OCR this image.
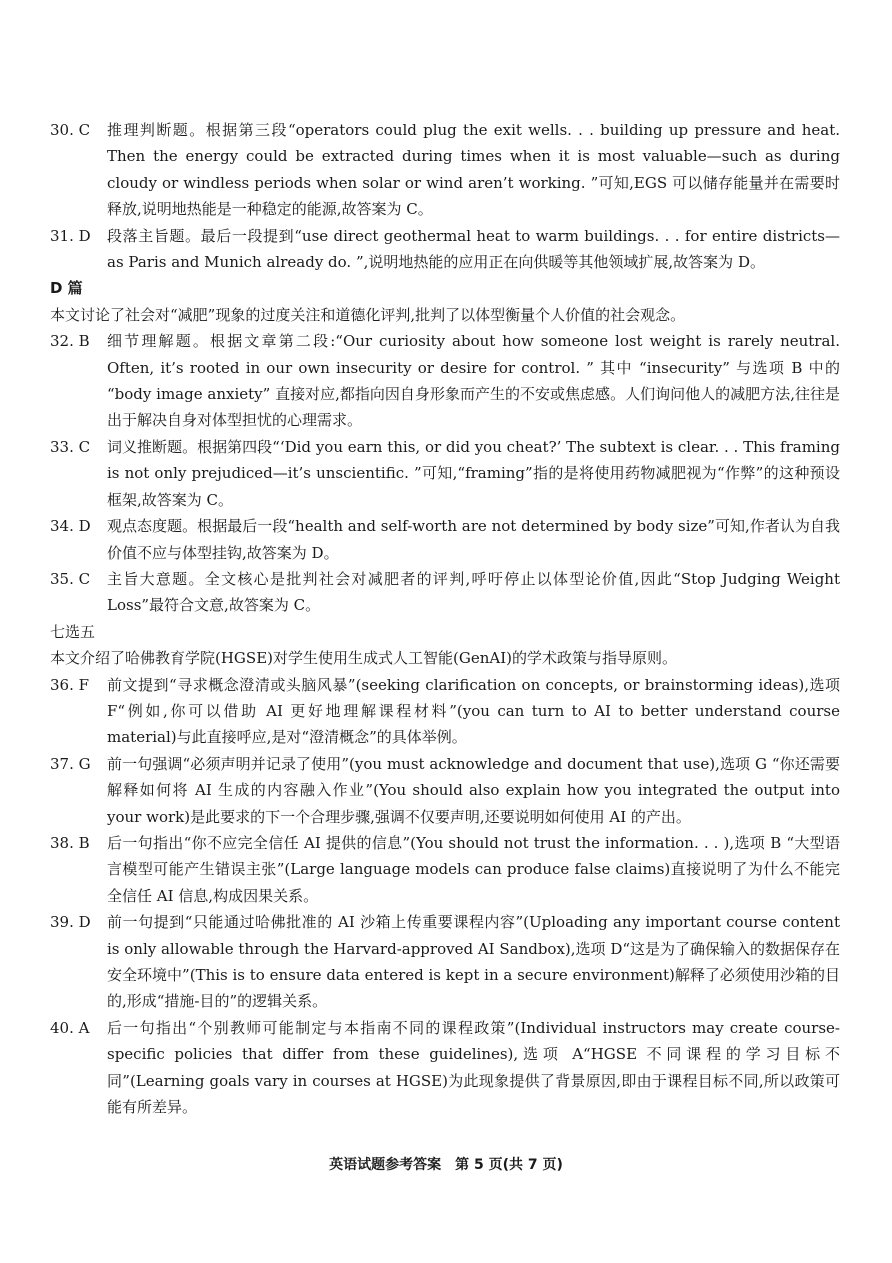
30. C	推理判断题。根据第三段“operators could plug the exit wells. . . building up pressure and heat. Then the energy could be extracted during times when it is most valuable—such as during cloudy or windless periods when solar or wind aren’t working. ”可知,EGS 可以储存能量并在需要时释放,说明地热能是一种稳定的能源,故答案为 C。
31. D	段落主旨题。最后一段提到“use direct geothermal heat to warm buildings. . . for entire districts—as Paris and Munich already do. ”,说明地热能的应用正在向供暖等其他领域扩展,故答案为 D。
D 篇
本文讨论了社会对“减肥”现象的过度关注和道德化评判,批判了以体型衡量个人价值的社会观念。
32. B	细节理解题。根据文章第二段:“Our curiosity about how someone lost weight is rarely neutral. Often, it’s rooted in our own insecurity or desire for control. ” 其中 “insecurity” 与选项 B 中的 “body image anxiety” 直接对应,都指向因自身形象而产生的不安或焦虑感。人们询问他人的减肥方法,往往是出于解决自身对体型担忧的心理需求。
33. C	词义推断题。根据第四段“‘Did you earn this, or did you cheat?’ The subtext is clear. . . This framing is not only prejudiced—it’s unscientific. ”可知,“framing”指的是将使用药物减肥视为“作弊”的这种预设框架,故答案为 C。
34. D	观点态度题。根据最后一段“health and self-worth are not determined by body size”可知,作者认为自我价值不应与体型挂钩,故答案为 D。
35. C	主旨大意题。全文核心是批判社会对减肥者的评判,呼吁停止以体型论价值,因此“Stop Judging Weight Loss”最符合文意,故答案为 C。
七选五
本文介绍了哈佛教育学院(HGSE)对学生使用生成式人工智能(GenAI)的学术政策与指导原则。
36. F	前文提到“寻求概念澄清或头脑风暴”(seeking clarification on concepts, or brainstorming ideas),选项 F“例如,你可以借助 AI 更好地理解课程材料”(you can turn to AI to better understand course material)与此直接呼应,是对“澄清概念”的具体举例。
37. G	前一句强调“必须声明并记录了使用”(you must acknowledge and document that use),选项 G “你还需要解释如何将 AI 生成的内容融入作业”(You should also explain how you integrated the output into your work)是此要求的下一个合理步骤,强调不仅要声明,还要说明如何使用 AI 的产出。
38. B	后一句指出“你不应完全信任 AI 提供的信息”(You should not trust the information. . . ),选项 B “大型语言模型可能产生错误主张”(Large language models can produce false claims)直接说明了为什么不能完全信任 AI 信息,构成因果关系。
39. D	前一句提到“只能通过哈佛批准的 AI 沙箱上传重要课程内容”(Uploading any important course content is only allowable through the Harvard-approved AI Sandbox),选项 D“这是为了确保输入的数据保存在安全环境中”(This is to ensure data entered is kept in a secure environment)解释了必须使用沙箱的目的,形成“措施-目的”的逻辑关系。
40. A	后一句指出“个别教师可能制定与本指南不同的课程政策”(Individual instructors may create course-specific policies that differ from these guidelines),选项 A“HGSE 不同课程的学习目标不同”(Learning goals vary in courses at HGSE)为此现象提供了背景原因,即由于课程目标不同,所以政策可能有所差异。
英语试题参考答案　第 5 页(共 7 页)
